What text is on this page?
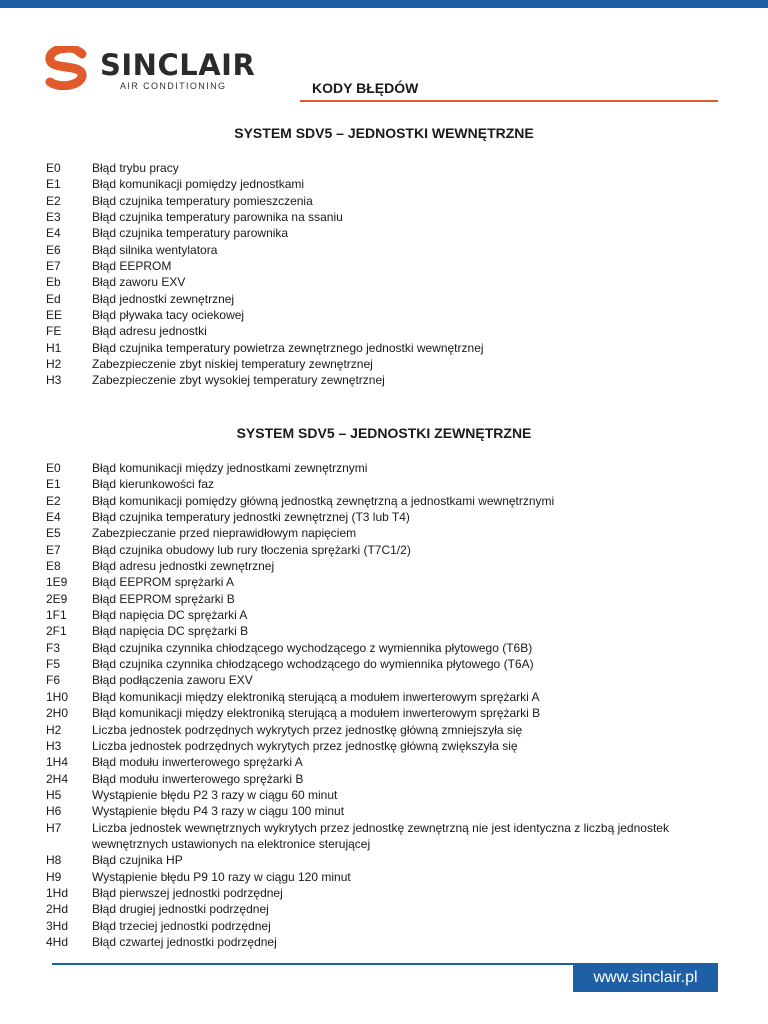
SINCLAIR
AIR CONDITIONING	KODY BŁĘDÓW
SYSTEM SDV5 – JEDNOSTKI WEWNĘTRZNE
E0	Błąd trybu pracy
E1	Błąd komunikacji pomiędzy jednostkami
E2	Błąd czujnika temperatury pomieszczenia
E3	Błąd czujnika temperatury parownika na ssaniu
E4	Błąd czujnika temperatury parownika
E6	Błąd silnika wentylatora
E7	Błąd EEPROM
Eb	Błąd zaworu EXV
Ed	Błąd jednostki zewnętrznej
EE	Błąd pływaka tacy ociekowej
FE	Błąd adresu jednostki
H1	Błąd czujnika temperatury powietrza zewnętrznego jednostki wewnętrznej
H2	Zabezpieczenie zbyt niskiej temperatury zewnętrznej
H3	Zabezpieczenie zbyt wysokiej temperatury zewnętrznej
SYSTEM SDV5 – JEDNOSTKI ZEWNĘTRZNE
E0	Błąd komunikacji między jednostkami zewnętrznymi
E1	Błąd kierunkowości faz
E2	Błąd komunikacji pomiędzy główną jednostką zewnętrzną a jednostkami wewnętrznymi
E4	Błąd czujnika temperatury jednostki zewnętrznej (T3 lub T4)
E5	Zabezpieczanie przed nieprawidłowym napięciem
E7	Błąd czujnika obudowy lub rury tłoczenia sprężarki (T7C1/2)
E8	Błąd adresu jednostki zewnętrznej
1E9	Błąd EEPROM sprężarki A
2E9	Błąd EEPROM sprężarki B
1F1	Błąd napięcia DC sprężarki A
2F1	Błąd napięcia DC sprężarki B
F3	Błąd czujnika czynnika chłodzącego wychodzącego z wymiennika płytowego (T6B)
F5	Błąd czujnika czynnika chłodzącego wchodzącego do wymiennika płytowego (T6A)
F6	Błąd podłączenia zaworu EXV
1H0	Błąd komunikacji między elektroniką sterującą a modułem inwerterowym sprężarki A
2H0	Błąd komunikacji między elektroniką sterującą a modułem inwerterowym sprężarki B
H2	Liczba jednostek podrzędnych wykrytych przez jednostkę główną zmniejszyła się
H3	Liczba jednostek podrzędnych wykrytych przez jednostkę główną zwiększyła się
1H4	Błąd modułu inwerterowego sprężarki A
2H4	Błąd modułu inwerterowego sprężarki B
H5	Wystąpienie błędu P2 3 razy w ciągu 60 minut
H6	Wystąpienie błędu P4 3 razy w ciągu 100 minut
H7	Liczba jednostek wewnętrznych wykrytych przez jednostkę zewnętrzną nie jest identyczna z liczbą jednostek wewnętrznych ustawionych na elektronice sterującej
H8	Błąd czujnika HP
H9	Wystąpienie błędu P9 10 razy w ciągu 120 minut
1Hd	Błąd pierwszej jednostki podrzędnej
2Hd	Błąd drugiej jednostki podrzędnej
3Hd	Błąd trzeciej jednostki podrzędnej
4Hd	Błąd czwartej jednostki podrzędnej
www.sinclair.pl
